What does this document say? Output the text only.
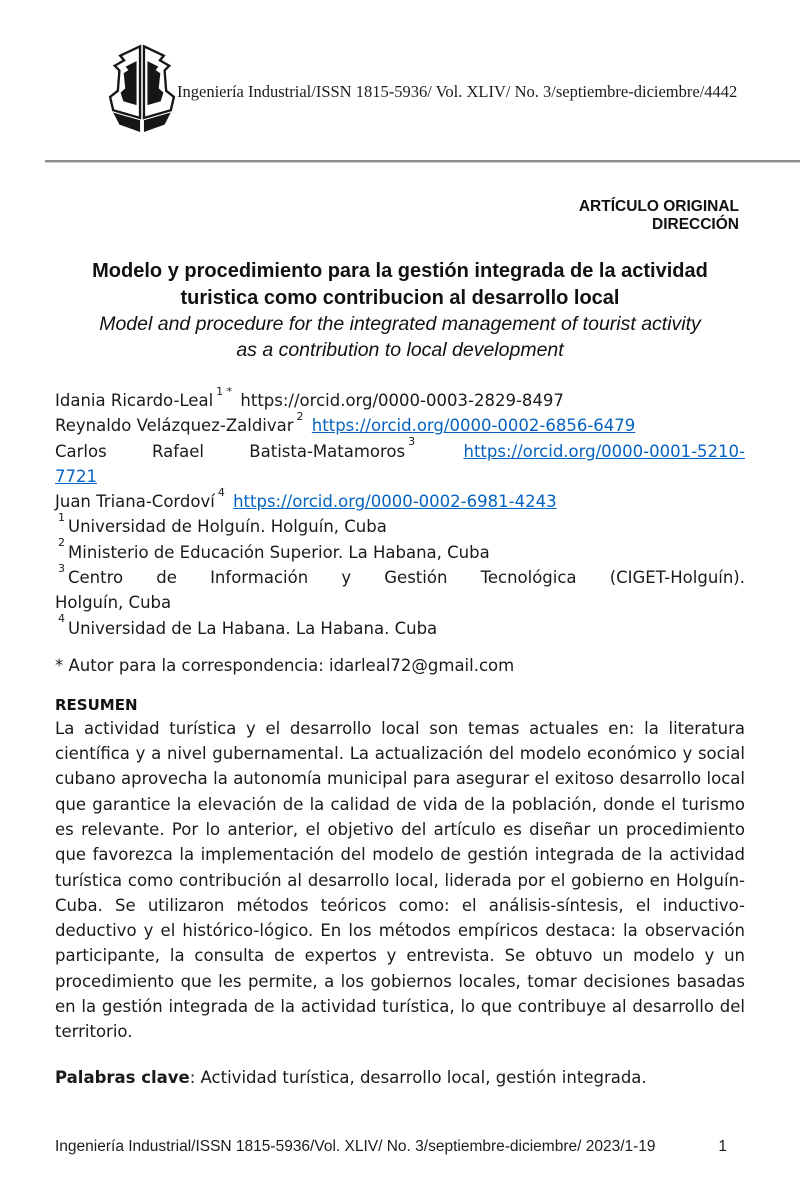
Ingeniería Industrial/ISSN 1815-5936/ Vol. XLIV/ No. 3/septiembre-diciembre/4442
ARTÍCULO ORIGINAL
DIRECCIÓN
Modelo y procedimiento para la gestión integrada de la actividad
turistica como contribucion al desarrollo local
Model and procedure for the integrated management of tourist activity
as a contribution to local development

Idania Ricardo-Leal $^{1 *}$ https://orcid.org/0000-0003-2829-8497

Reynaldo Velázquez-Zaldivar $^2$ https://orcid.org/0000-0002-6856-6479

Carlos Rafael Batista-Matamoros $^3$	https://orcid.org/0000-0001-5210-

7721

Juan Triana-Cordoví $^4$ https://orcid.org/0000-0002-6981-4243

$^1$ Universidad de Holguín. Holguín, Cuba

$^2$ Ministerio de Educación Superior. La Habana, Cuba

$^3$ Centro de Información y Gestión Tecnológica (CIGET-Holguín).

Holguín, Cuba

$^4$ Universidad de La Habana. La Habana. Cuba

* Autor para la correspondencia: idarleal72@gmail.com

RESUMEN

La actividad turística y el desarrollo local son temas actuales en: la literatura científica y a nivel gubernamental. La actualización del modelo económico y social cubano aprovecha la autonomía municipal para asegurar el exitoso desarrollo local que garantice la elevación de la calidad de vida de la población, donde el turismo es relevante. Por lo anterior, el objetivo del artículo es diseñar un procedimiento que favorezca la implementación del modelo de gestión integrada de la actividad turística como contribución al desarrollo local, liderada por el gobierno en Holguín-Cuba. Se utilizaron métodos teóricos como: el análisis-síntesis, el inductivo-deductivo y el histórico-lógico. En los métodos empíricos destaca: la observación participante, la consulta de expertos y entrevista. Se obtuvo un modelo y un procedimiento que les permite, a los gobiernos locales, tomar decisiones basadas en la gestión integrada de la actividad turística, lo que contribuye al desarrollo del territorio.

Palabras clave: Actividad turística, desarrollo local, gestión integrada.

Ingeniería Industrial/ISSN 1815-5936/Vol. XLIV/ No. 3/septiembre-diciembre/ 2023/1-19	1
